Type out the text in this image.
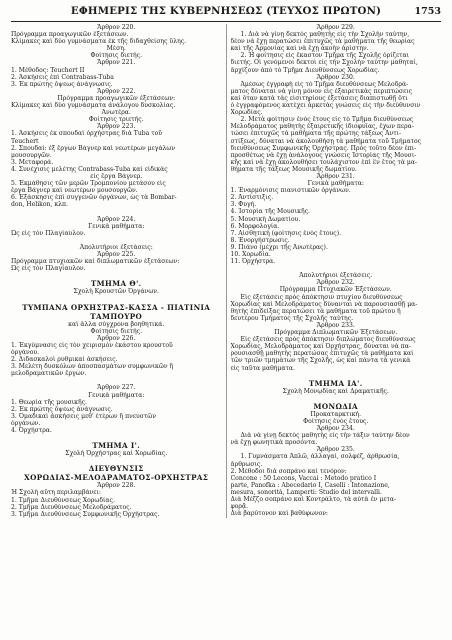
ΕΦΗΜΕΡΙΣ ΤΗΣ ΚΥΒΕΡΝΗΣΕΩΣ (ΤΕΥΧΟΣ ΠΡΩΤΟΝ)	1753
Ἄρθρον 220.
Πρόγραμμα προαγωγικῶν ἐξετάσεων.
Κλίμακες καὶ δύο γυμνάσματα ἐκ τῆς διδαχθείσης ὕλης.
Μέση.
Φοίτησις διετής.
Ἄρθρον 221.
1. Μέθοδος: Teuchert II
2. Ἀσκήσεις ἐπὶ Contrabass-Tuba
3. Ἐκ πρώτης ὄψεως ἀνάγνωσις.
Ἄρθρον 222.
Πρόγραμμα προαγωγικῶν ἐξετάσεων:
Κλίμακες καὶ δύο γυμνάσματα ἀνάλογου δυσκολίας.
Ἀνωτέρα.
Φοίτησις τριετής.
Ἄρθρον 223.
1. Ἀσκήσεις ἐκ σπουδαὶ ὀρχήστρας διὰ Tuba τοῦ
Teuchert
2. Σπουδαί: ἐξ ἔργων Βάγνερ καὶ νεωτέρων μεγάλων
μουσουργῶν.
3. Μεταφορά.
4. Συνέχισις μελέτης Contrabass-Tuba καὶ εἰδικὰς
εἰς ἔργα Βάγνερ.
5. Ἐκμάθησις τῶν μερῶν Τρομπονίου μετάσου εἰς
ἔργα Βάγνερ καὶ νεωτέρων μουσουργῶν.
6. Ἐξάσκησις ἐπὶ συγγενῶν ὀργάνων, ὡς τὰ Bombar-
don, Helikon, κλπ.

Ἄρθρον 224.
Γενικὰ μαθήματα:
Ὡς εἰς τὸν Πλαγίαυλον.

Ἀπολυτήριοι ἐξετάσεις:
Ἄρθρον 225.
Πρόγραμμα πτυχιακῶν καὶ διπλωματικῶν ἐξετάσεων:
Ὡς εἰς τὸν Πλαγίαυλον.

ΤΜΗΜΑ Θ'.
Σχολὴ Κρουστῶν Ὀργάνων.

ΤΥΜΠΑΝΑ ΟΡΧΗΣΤΡΑΣ-ΚΑΣΣΑ - ΠΙΑΤΙΝΙΑ
ΤΑΜΠΟΥΡΟ
καὶ ἄλλα σύγχρονα βοηθητικά.
Φοίτησις διετής.
Ἄρθρον 226.
1. Ἐκγύμνασις εἰς τὸν χειρισμὸν ἑκάστου κρουστοῦ
ὀργάνου.
2. Διδασκαλοὶ ρυθμικαὶ ἀσκήσεις.
3. Μελέτη δυσκόλων ἀποσπασμάτων συμφωνικῶν ἢ
μελοδραματικῶν ἔργων.

Ἄρθρον 227.
Γενικὰ μαθήματα:
1. Θεωρία τῆς μουσικῆς.
2. Ἐκ πρώτης ὄψεως ἀνάγνωσις.
3. Ὁμαδικαὶ ἀσκήσεις μεθ' ἑτέρων ἢ πνευστῶν
ὀργάνων.
4. Ὀρχήστρα.

ΤΜΗΜΑ Ι'.
Σχολὴ Ὀρχήστρας καὶ Χορωδίας.

ΔΙΕΥΘΥΝΣΙΣ
ΧΟΡΩΔΙΑΣ-ΜΕΛΟΔΡΑΜΑΤΟΣ-ΟΡΧΗΣΤΡΑΣ
Ἄρθρον 228.
Ἡ Σχολὴ αὕτη περιλαμβάνει:
1. Τμῆμα Διευθύνσεως Χορωδίας.
2. Τμῆμα Διευθύνσεως Μελοδράματος.
3. Τμῆμα Διευθύνσεως Συμφωνικῆς Ὀρχήστρας.
Ἄρθρον 229.
1. Διὰ νὰ γίνῃ δεκτὸς μαθητὴς εἰς τὴν Σχολὴν ταύτην,
δέον νὰ ἔχῃ περατώσει ἐπιτυχῶς τὰ μαθήματα τῆς θεωρίας
καὶ τῆς Ἁρμονίας καὶ νὰ ἔχῃ ἀκοὴν ἀρίστην.
2. Ἡ φοίτησις εἰς ἕκαστον Τμῆμα τῆς Σχολῆς ὁρίζεται
διετής. Οἱ γενόμενοι δεκτοὶ εἰς τὴν Σχολὴν ταύτην μαθηταί,
ἄρχίζουν ἀπὸ τὸ Τμῆμα Διευθύνσεως Χορωδίας.
Ἄρθρον 230.
Ἀμέσως ἐγγραφὴ εἰς τὸ Τμῆμα διευθύνσεως Μελοδρά-
ματος δύναται νὰ γίνῃ μόνον εἰς ἐξαιρετικὰς περιπτώσεις
καὶ ὅταν κατὰ τὰς εἰσιτηρίους ἐξετάσεις διαπιστωθῇ ὅτι
ὁ ἐγγραφόμενος κατέχει ἀρκετὰς γνώσεις εἰς τὴν διεύθυνσιν
Χορωδίας.
2. Μετὰ φοίτησιν ἑνὸς ἔτους εἰς τὸ Τμῆμα διευθύνσεως
Μελοδράματος μαθητὴς ἐξαιρετικῆς ἱδιοφυΐας, ἔχων περα-
τώσει ἐπιτυχῶς τὰ μαθήματα τῆς πρώτης τάξεως Ἀντι-
στίξεως, δύναται νὰ ἀκολουθήσῃ τὰ μαθήματα τοῦ Τμήματος
διευθύνσεως Συμφωνικῆς Ὀρχήστρας. Πρὸς τοῦτο δέον ἐπι-
προσθέτως νὰ ἔχῃ ἀνάλογους γνώσεις Ἱστορίας τῆς Μουσι-
κῆς καὶ νὰ ἔχῃ ἀκολουθήσει τουλάχιστον ἐπὶ ἓν ἔτος τὰ μα-
θήματα τῆς τάξεως Μουσικῆς δωματίου.
Ἄρθρον 231.
Γενικὰ μαθήματα:
1. Ἐναρμόνισις πιανιστικῶν ὀργάνων.
2. Ἀντίστιξις.
3. Φυγή.
4. Ἱστορία τῆς Μουσικῆς.
5. Μουσικὴ Δωματίου.
6. Μορφολογία.
7. Αἰσθητικὴ (φοίτησις ἑνὸς ἔτους).
8. Ἐνοργήστρωσις.
9. Πιάνο (μέχρι τῆς Ἀνωτέρας).
10. Χορωδία.
11. Ὀρχήστρα.

Ἀπολυτήριοι ἐξετάσεις.
Ἄρθρον 232.
Πρόγραμμα Πτυχιακῶν Ἐξετάσεων.
Εἰς ἐξετάσεις πρὸς ἀπόκτησιν πτυχίου διευθύνσεως
Χορωδίας καὶ Μελοδράματος δύνανται νὰ παρουσιασθῇ μα-
θητὴς ἐπιδείξας περατώσει τὰ μαθήματα τοῦ πρώτου ἢ
δευτέρου Τμήματος τῆς Σχολῆς ταύτης.
Ἄρθρον 233.
Πρόγραμμα Διπλωματικῶν Ἐξετάσεων.
Εἰς ἐξετάσεις πρὸς ἀπόκτησιν διπλώματος διευθύνσεως
Χορωδίας, Μελοδράματος καὶ Ὀρχήστρας, δύναται νὰ πα-
ρουσιασθῇ μαθητὴς περατώσας ἐπιτυχῶς τὰ μαθήματα καὶ
τῶν τριῶν τμημάτων τῆς Σχολῆς, ὡς καὶ πάντα τὰ γενικὰ
εἰς ταῦτα μαθήματα.

ΤΜΗΜΑ ΙΑ'.
Σχολὴ Μονῳδίας καὶ Δραματικῆς.

ΜΟΝΩΔΙΑ
Προκαταρκτική.
Φοίτησις ἑνὸς ἔτους.
Ἄρθρον 234.
Διὰ νὰ γίνῃ δεκτὸς μαθητὴς εἰς τὴν τάξιν ταύτην δέον
νὰ ἔχῃ φωνητικὰ προσόντα.
Ἄρθρον 235.
1. Γυμνάσματα Ἀπλῶ, ἀλλαγαί, σολφέζ, ἀρθρωσία,
ἄρθρωσις.
2. Μέθοδοι διὰ σοπράνο καὶ τενόρον:
Concone : 50 Lecons, Vaccai : Metodo pratico I
parte, Panofka : Abecedario I, Caselli : Intonazione,
mesura, sonorità, Lamperti: Studio del intervalli.
Διὰ Μέζζο σοπράνο καὶ Κοντράλτο, τὰ αὐτὰ ἐν μετα-
φορᾷ.
Διὰ βαρύτονον καὶ βαθύφωνον:
